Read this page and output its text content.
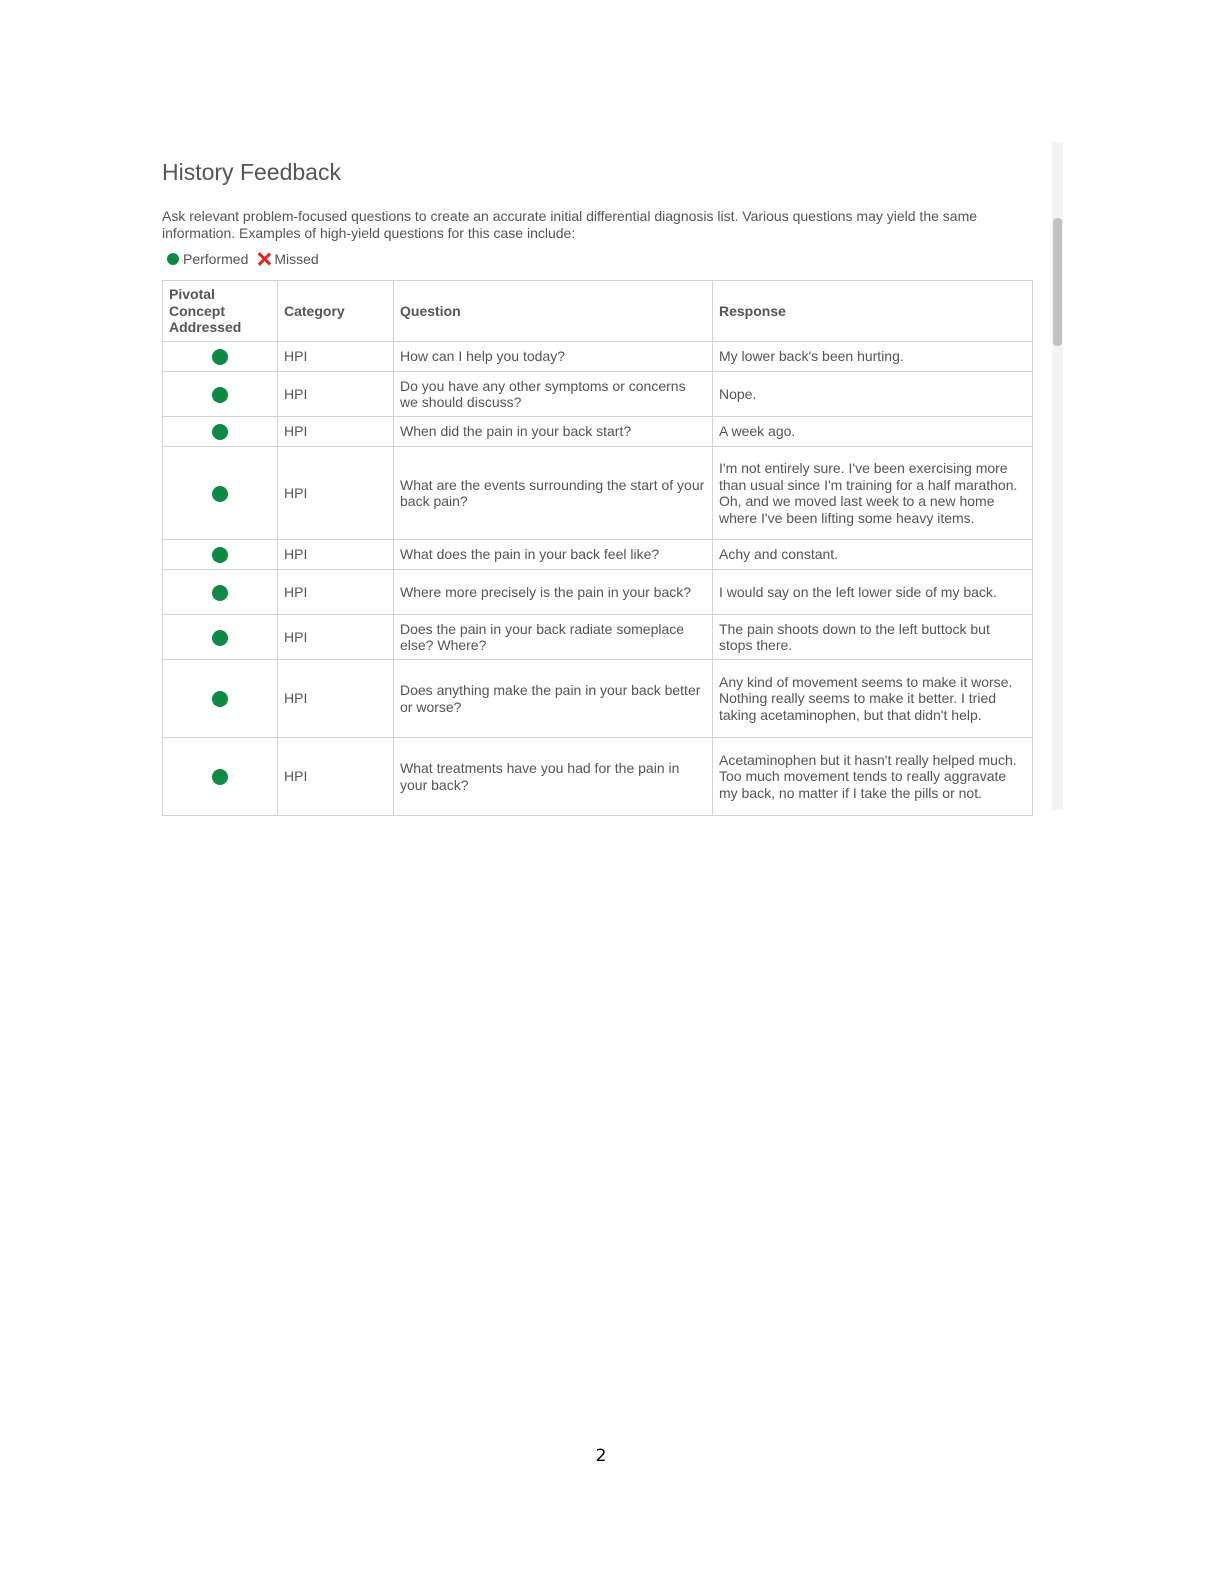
History Feedback

Ask relevant problem-focused questions to create an accurate initial differential diagnosis list. Various questions may yield the same information. Examples of high-yield questions for this case include:

Performed Missed
Pivotal Concept Addressed	Category	Question	Response
	HPI	How can I help you today?	My lower back's been hurting.
	HPI	Do you have any other symptoms or concerns we should discuss?	Nope.
	HPI	When did the pain in your back start?	A week ago.
	HPI	What are the events surrounding the start of your back pain?	I'm not entirely sure. I've been exercising more than usual since I'm training for a half marathon. Oh, and we moved last week to a new home where I've been lifting some heavy items.
	HPI	What does the pain in your back feel like?	Achy and constant.
	HPI	Where more precisely is the pain in your back?	I would say on the left lower side of my back.
	HPI	Does the pain in your back radiate someplace else? Where?	The pain shoots down to the left buttock but stops there.
	HPI	Does anything make the pain in your back better or worse?	Any kind of movement seems to make it worse. Nothing really seems to make it better. I tried taking acetaminophen, but that didn't help.
	HPI	What treatments have you had for the pain in your back?	Acetaminophen but it hasn't really helped much. Too much movement tends to really aggravate my back, no matter if I take the pills or not.
2
